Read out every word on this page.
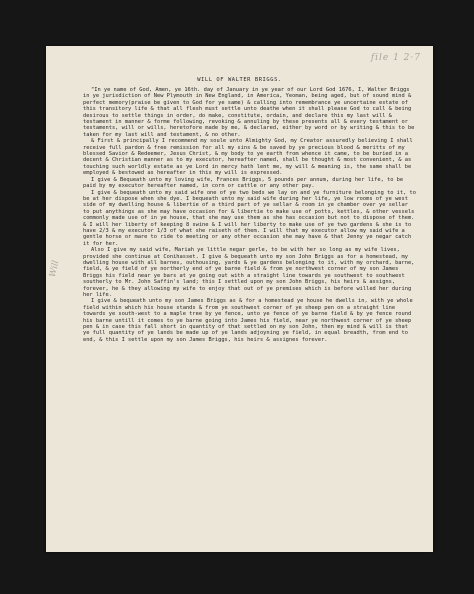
file 1 2·7
Will
WILL OF WALTER BRIGGS.

"In ye name of God, Amen, ye 16th. day of January in ye year of our Lord God 1676, I, Walter Briggs in ye jurisdiction of New Plymouth in New England, in America, Yeoman, being aged, but of sound mind & perfect memory(praise be given to God for ye same) & calling into remembrance ye uncertaine estate of this transitory life & that all flesh must settle unto deathe when it shall please God to call & being desirous to settle things in order, do make, constitute, ordain, and declare this my last will & testament in manner & forme following, revoking & annuling by these presents all & every testament or testaments, will or wills, heretofore made by me, & declared, either by word or by writing & this to be taken for my last will and testament, & no other.

& First & principally I recommend my soule unto Almighty God, my Creator assuredly believing I shall receive full pardon & free remission for all my sins & be saved by ye precious blood & meritts of my blessed Savior & Redeemer, Jesus Christ, & my body to ye earth from whence it came, to be buried in a decent & Christian manner as to my executor, hereafter named, shall be thought & most convenient, & as touching such worldly estate as ye Lord in mercy hath lent me, my will & meaning is, the same shall be employed & bestowed as hereafter in this my will is expressed.

I give & Bequeath unto my loving wife, Frances Briggs, 5 pounds per annum, during her life, to be paid by my executor hereafter named, in corn or cattle or any other pay.

I give & bequeath unto my said wife one of ye two beds we lay on and ye furniture belonging to it, to be at her dispose when she dye. I bequeath unto my said wife during her life, ye low rooms of ye west side of my dwelling house & libertie of a third part of ye sellar & room in ye chamber over ye sellar to put anythings as she may have occasion for & libertie to make use of potts, kettles, & other vessels commonly made use of in ye house, that she may use them as she has occasion but not to dispose of them. & I will her liberty of keeping 8 swine & I will her liberty to make use of ye two gardens & she is to have 2/3 & my executor 1/3 of what she raiseth of them. I will that my executor allow my said wife a gentle horse or mare to ride to meeting or any other occasion she may have & that Jenny ye negar catch it for her.

Also I give my said wife, Mariah ye little negar gerle, to be with her so long as my wife lives, provided she continue at Conihasset. I give & bequeath unto my son John Briggs as for a homestead, my dwelling house with all barnes, outhousing, yards & ye gardens belonging to it, with my orchard, barne, field, & ye field of ye northerly end of ye barne field & from ye northwest corner of my son James Briggs his field near ye bars at ye going out with a straight line towards ye southwest to southwest southerly to Mr. John Saffin's land; this I settled upon my son John Briggs, his heirs & assigns, forever, he & they allowing my wife to enjoy that out of ye premises which is before willed her during her life.

I give & bequeath unto my son James Briggs as & for a homestead ye house he dwells in, with ye whole field within which his house stands & from ye southwest corner of ye sheep pen on a straight line towards ye south-west to a maple tree by ye fence, unto ye fence of ye barne field & by ye fence round his barne untill it comes to ye barne going into James his field, near ye northwest corner of ye sheep pen & in case this fall short in quantity of that settled on my son John, then my mind & will is that ye full quantity of ye lands be made up of ye lands adjoyning ye field, in equal breadth, from end to end, & this I settle upon my son James Briggs, his heirs & assignes forever.
